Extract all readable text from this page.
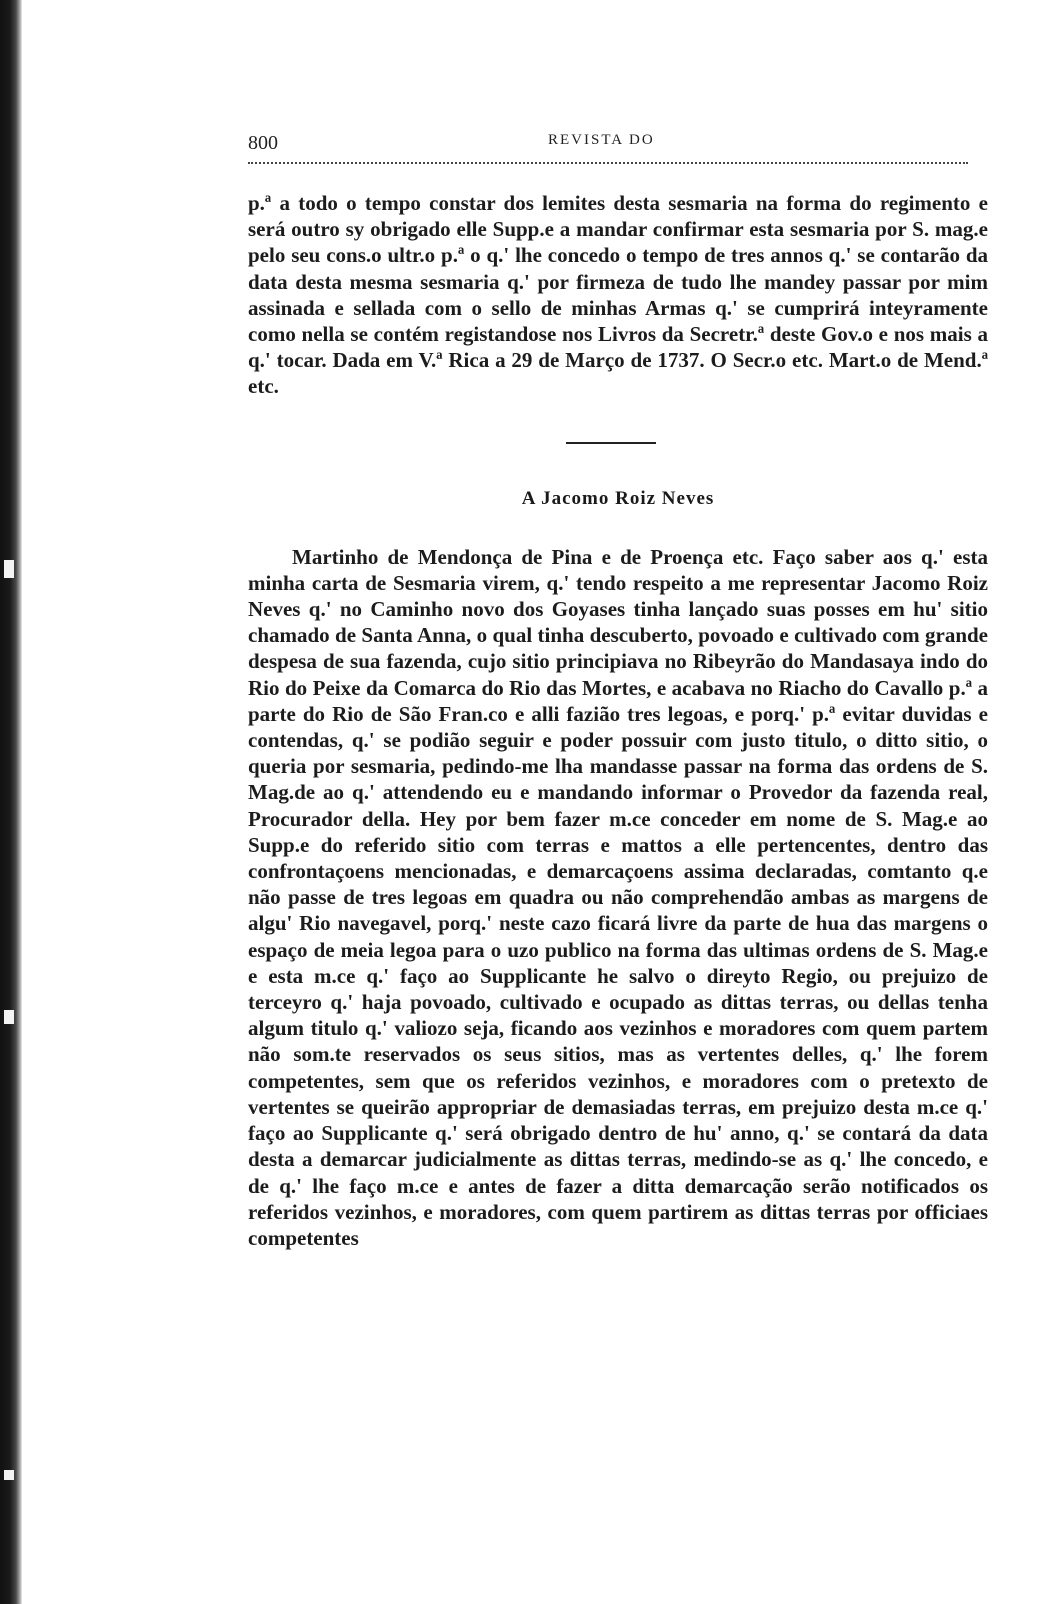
800	REVISTA DO

p.ª a todo o tempo constar dos lemites desta sesmaria na forma do regimento e será outro sy obrigado elle Supp.e a mandar confirmar esta sesmaria por S. mag.e pelo seu cons.o ultr.o p.ª o q.' lhe concedo o tempo de tres annos q.' se contarão da data desta mesma sesmaria q.' por firmeza de tudo lhe mandey passar por mim assinada e sellada com o sello de minhas Armas q.' se cumprirá inteyramente como nella se contém registandose nos Livros da Secretr.ª deste Gov.o e nos mais a q.' tocar. Dada em V.ª Rica a 29 de Março de 1737. O Secr.o etc. Mart.o de Mend.ª etc.

A Jacomo Roiz Neves

Martinho de Mendonça de Pina e de Proença etc. Faço saber aos q.' esta minha carta de Sesmaria virem, q.' tendo respeito a me representar Jacomo Roiz Neves q.' no Caminho novo dos Goyases tinha lançado suas posses em hu' sitio chamado de Santa Anna, o qual tinha descuberto, povoado e cultivado com grande despesa de sua fazenda, cujo sitio principiava no Ribeyrão do Mandasaya indo do Rio do Peixe da Comarca do Rio das Mortes, e acabava no Riacho do Cavallo p.ª a parte do Rio de São Fran.co e alli fazião tres legoas, e porq.' p.ª evitar duvidas e contendas, q.' se podião seguir e poder possuir com justo titulo, o ditto sitio, o queria por sesmaria, pedindo-me lha mandasse passar na forma das ordens de S. Mag.de ao q.' attendendo eu e mandando informar o Provedor da fazenda real, Procurador della. Hey por bem fazer m.ce conceder em nome de S. Mag.e ao Supp.e do referido sitio com terras e mattos a elle pertencentes, dentro das confrontaçoens mencionadas, e demarcaçoens assima declaradas, comtanto q.e não passe de tres legoas em quadra ou não comprehendão ambas as margens de algu' Rio navegavel, porq.' neste cazo ficará livre da parte de hua das margens o espaço de meia legoa para o uzo publico na forma das ultimas ordens de S. Mag.e e esta m.ce q.' faço ao Supplicante he salvo o direyto Regio, ou prejuizo de terceyro q.' haja povoado, cultivado e ocupado as dittas terras, ou dellas tenha algum titulo q.' valiozo seja, ficando aos vezinhos e moradores com quem partem não som.te reservados os seus sitios, mas as vertentes delles, q.' lhe forem competentes, sem que os referidos vezinhos, e moradores com o pretexto de vertentes se queirão appropriar de demasiadas terras, em prejuizo desta m.ce q.' faço ao Supplicante q.' será obrigado dentro de hu' anno, q.' se contará da data desta a demarcar judicialmente as dittas terras, medindo-se as q.' lhe concedo, e de q.' lhe faço m.ce e antes de fazer a ditta demarcação serão notificados os referidos vezinhos, e moradores, com quem partirem as dittas terras por officiaes competentes
